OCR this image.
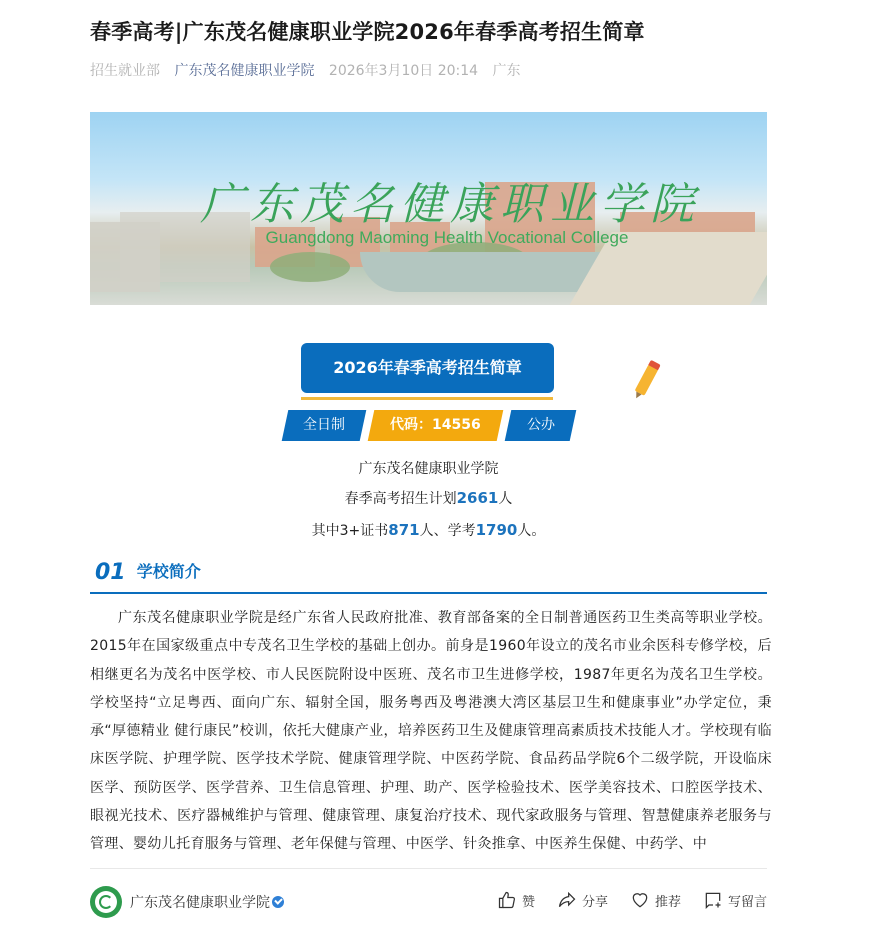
春季高考|广东茂名健康职业学院2026年春季高考招生简章
招生就业部 广东茂名健康职业学院 2026年3月10日 20:14 广东
广东茂名健康职业学院
Guangdong Maoming Health Vocational College
2026年春季高考招生简章
全日制	代码：14556	公办
广东茂名健康职业学院
春季高考招生计划2661人
其中3+证书871人、学考1790人。
01 学校简介

广东茂名健康职业学院是经广东省人民政府批准、教育部备案的全日制普通医药卫生类高等职业学校。2015年在国家级重点中专茂名卫生学校的基础上创办。前身是1960年设立的茂名市业余医科专修学校，后相继更名为茂名中医学校、市人民医院附设中医班、茂名市卫生进修学校，1987年更名为茂名卫生学校。学校坚持“立足粤西、面向广东、辐射全国，服务粤西及粤港澳大湾区基层卫生和健康事业”办学定位，秉承“厚德精业 健行康民”校训，依托大健康产业，培养医药卫生及健康管理高素质技术技能人才。学校现有临床医学院、护理学院、医学技术学院、健康管理学院、中医药学院、食品药品学院6个二级学院，开设临床医学、预防医学、医学营养、卫生信息管理、护理、助产、医学检验技术、医学美容技术、口腔医学技术、眼视光技术、医疗器械维护与管理、健康管理、康复治疗技术、现代家政服务与管理、智慧健康养老服务与管理、婴幼儿托育服务与管理、老年保健与管理、中医学、针灸推拿、中医养生保健、中药学、中

广东茂名健康职业学院	赞	分享	推荐	写留言
